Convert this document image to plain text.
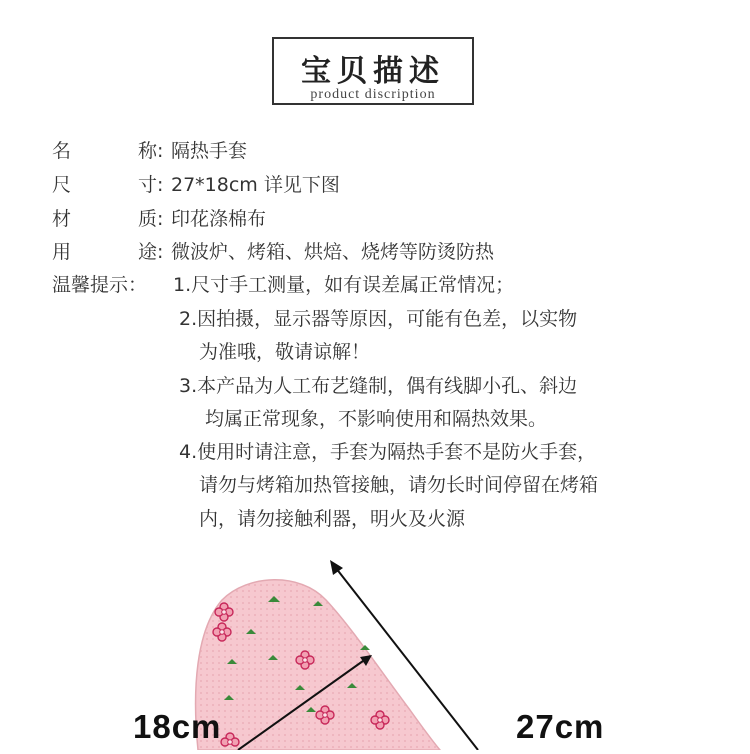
宝贝描述
product discription
名称: 隔热手套
尺寸: 27*18cm 详见下图
材质: 印花涤棉布
用途: 微波炉、烤箱、烘焙、烧烤等防烫防热
温馨提示： 1.尺寸手工测量，如有误差属正常情况；
2.因拍摄，显示器等原因，可能有色差，以实物
为准哦，敬请谅解！
3.本产品为人工布艺缝制，偶有线脚小孔、斜边
均属正常现象，不影响使用和隔热效果。
4.使用时请注意，手套为隔热手套不是防火手套，
请勿与烤箱加热管接触，请勿长时间停留在烤箱
内，请勿接触利器，明火及火源
18cm	27cm
